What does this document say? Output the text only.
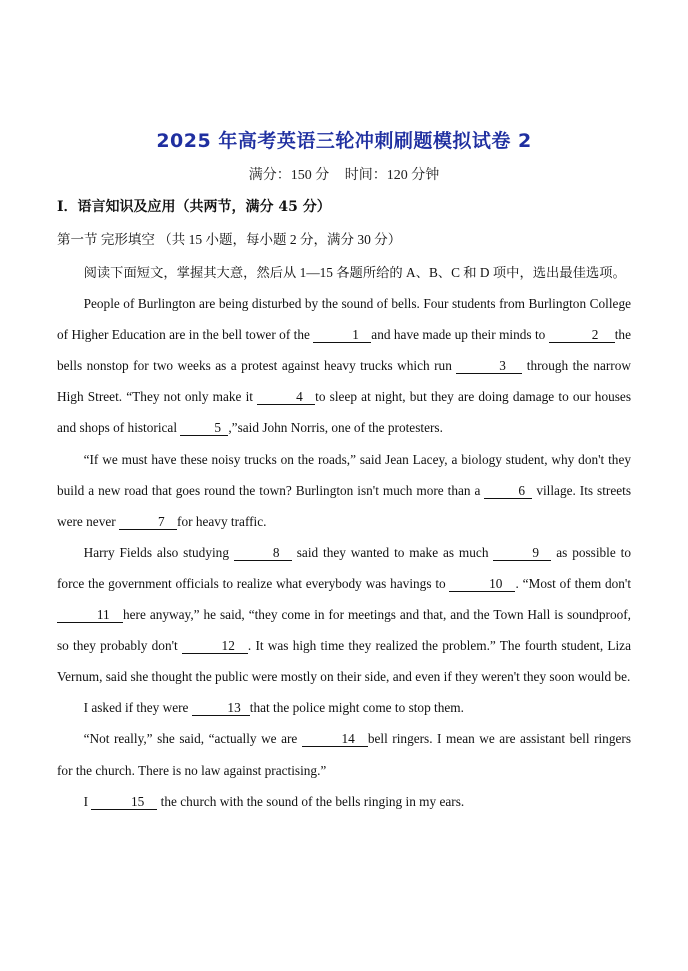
2025 年高考英语三轮冲刺刷题模拟试卷 2
满分：150 分 时间：120 分钟
I．语言知识及应用（共两节，满分 45 分）
第一节 完形填空 （共 15 小题，每小题 2 分，满分 30 分）

阅读下面短文，掌握其大意，然后从 1—15 各题所给的 A、B、C 和 D 项中，选出最佳选项。

People of Burlington are being disturbed by the sound of bells. Four students from Burlington College of Higher Education are in the bell tower of the	1 and have made up their minds to	2 the bells nonstop for two weeks as a protest against heavy trucks which run	3 through the narrow High Street. “They not only make it	4 to sleep at night, but they are doing damage to our houses and shops of historical	5 ,”said John Norris, one of the protesters.

“If we must have these noisy trucks on the roads,” said Jean Lacey, a biology student, why don't they build a new road that goes round the town? Burlington isn't much more than a	6 village. Its streets were never	7 for heavy traffic.

Harry Fields also studying	8 said they wanted to make as much	9 as possible to force the government officials to realize what everybody was havings to	10 . “Most of them don't 11 here anyway,” he said, “they come in for meetings and that, and the Town Hall is soundproof, so they probably don't	12 . It was high time they realized the problem.” The fourth student, Liza Vernum, said she thought the public were mostly on their side, and even if they weren't they soon would be.

I asked if they were	13 that the police might come to stop them.

“Not really,” she said, “actually we are	14 bell ringers. I mean we are assistant bell ringers for the church. There is no law against practising.”

I	15 the church with the sound of the bells ringing in my ears.
